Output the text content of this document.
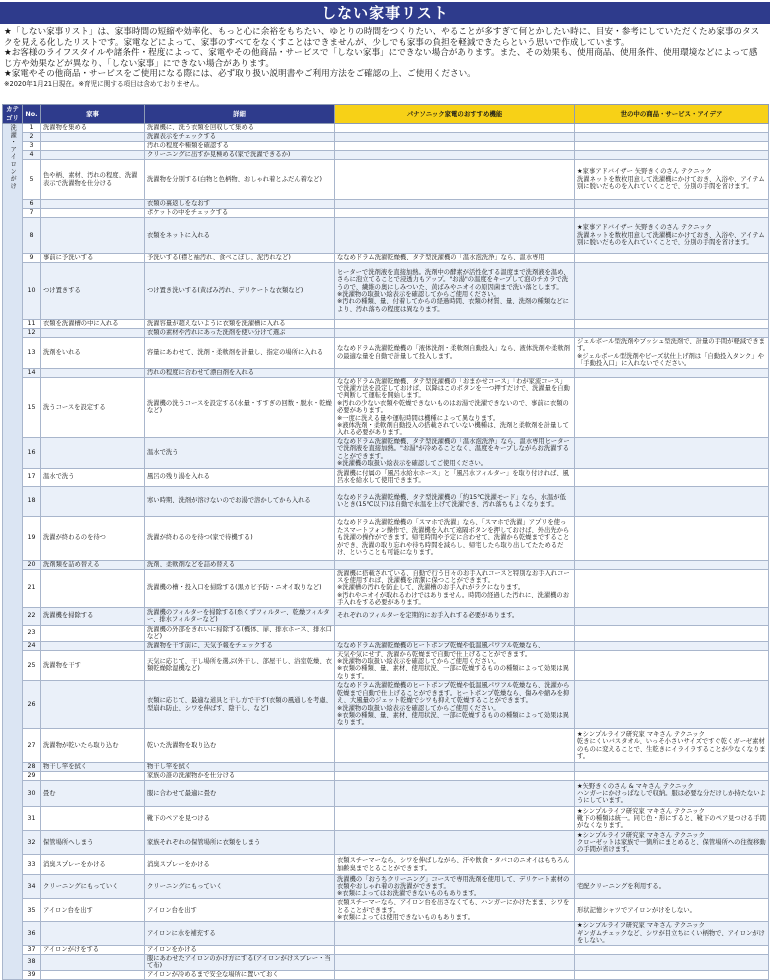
しない家事リスト

★「しない家事リスト」は、家事時間の短縮や効率化、もっと心に余裕をもちたい、ゆとりの時間をつくりたい、やることが多すぎて何とかしたい時に、目安・参考にしていただくため家事のタスクを見える化したリストです。家電などによって、家事のすべてをなくすことはできませんが、少しでも家事の負担を軽減できたらという思いで作成しています。

★お客様のライフスタイルや諸条件・程度によって、家電やその他商品・サービスで「しない家事」にできない場合があります。また、その効果も、使用商品、使用条件、使用環境などによって感じ方や効果などが異なり、「しない家事」にできない場合があります。

★家電やその他商品・サービスをご使用になる際には、必ず取り扱い説明書やご利用方法をご確認の上、ご使用ください。

※2020年1月21日現在。※育児に関する項目は含めておりません。

カテゴリ	No.	家事	詳細	パナソニック家電のおすすめ機能	世の中の商品・サービス・アイデア
洗濯・アイロンがけ	1	洗濯物を集める	洗濯機に、洗う衣類を回収して集める		
	2		洗濯表示をチェックする		
	3		汚れの程度や種類を確認する		
	4		クリーニングに出すか見極める(家で洗濯できるか)		
	5	色や柄、素材、汚れの程度、洗濯表示で洗濯物を仕分ける	洗濯物を分別する(白物と色柄物、おしゃれ着とふだん着など)		★家事アドバイザー 矢野きくのさん テクニック
洗濯ネットを数枚用意して洗濯機にかけておき、入浴や、アイテム別に脱いだものを入れていくことで、分別の手間を省けます。
	6		衣類の裏返しをなおす		
	7		ポケットの中をチェックする		
	8		衣類をネットに入れる		★家事アドバイザー 矢野きくのさん テクニック
洗濯ネットを数枚用意して洗濯機にかけておき、入浴や、アイテム別に脱いだものを入れていくことで、分別の手間を省けます。
	9	事前に予洗いする	予洗いする(襟と袖汚れ、食べこぼし、泥汚れなど)	ななめドラム洗濯乾燥機、タテ型洗濯機の「温水泡洗浄」なら、温水専用	
	10	つけ置きする	つけ置き洗いする(黄ばみ汚れ、デリケートな衣類など)	ヒーターで洗剤液を直接加熱。洗剤中の酵素が活性化する温度まで洗剤液を温め、さらに泡立てることで浸透力もアップ。"お湯"の温度をキープして泡のチカラで洗うので、繊維の奥にしみついた、黄ばみやニオイの原因菌まで洗い落とします。
※洗濯物の取扱い絵表示を確認してからご使用ください。
※汚れの種類、量、付着してからの経過時間、衣類の材質、量、洗剤の種類などにより、汚れ落ちの程度は異なります。	
	11	衣類を洗濯槽の中に入れる	洗濯容量が超えないように衣類を洗濯槽に入れる		
	12		衣類の素材や汚れにあった洗剤を使い分けて選ぶ		
	13	洗剤をいれる	容量にあわせて、洗剤・柔軟剤を計量し、指定の場所に入れる	ななめドラム洗濯乾燥機の「液体洗剤・柔軟剤自動投入」なら、液体洗剤や柔軟剤の最適な量を自動で計量して投入します。	ジェルボール型洗剤やプッシュ型洗剤で、計量の手間が軽減できます。
※ジェルボール型洗剤やビーズ状仕上げ剤は「自動投入タンク」や「手動投入口」に入れないでください。
	14		汚れの程度に合わせて漂白剤を入れる		
	15	洗うコースを設定する	洗濯機の洗うコースを設定する(水量・すすぎの回数・脱水・乾燥など)	ななめドラム洗濯乾燥機、タテ型洗濯機の「おまかせコース」「わが家流コース」で洗濯方法を設定しておけば、以降はこのボタンを一つ押すだけで、洗濯量を自動で判断して運転を開始します。
※汚れの少ない衣類や乾燥できないものはお湯で洗濯できないので、事前に衣類の必要があります。
※一度に洗える量や運転時間は機種によって異なります。
※液体洗剤・柔軟剤自動投入の搭載されていない機種は、洗剤と柔軟剤を計量して入れる必要があります。	
	16		温水で洗う	ななめドラム洗濯乾燥機、タテ型洗濯機の「温水泡洗浄」なら、温水専用ヒーターで洗剤液を直接加熱。"お湯"が冷めることなく、温度をキープしながらお洗濯することができます。
※洗濯機の取扱い絵表示を確認してご使用ください。	
	17	温水で洗う	風呂の残り湯を入れる	洗濯機に付属の「風呂水給水ホース」と「風呂水フィルター」を取り付ければ、風呂水を給水して使用できます。	
	18		寒い時期、洗剤が溶けないのでお湯で溶かしてから入れる	ななめドラム洗濯乾燥機、タテ型洗濯機の「約15℃洗濯モード」なら、水温が低いとき(15℃以下)は自動で水温を上げて洗濯でき、汚れ落ちもよくなります。	
	19	洗濯が終わるのを待つ	洗濯が終わるのを待つ(家で待機する)	ななめドラム洗濯乾燥機の「スマホで洗濯」なら、「スマホで洗濯」アプリを使ったスマートフォン操作で、洗濯機を入れて遠隔ボタンを押しておけば、外出先からも洗濯の操作ができます。帰宅時間や予定に合わせて、洗濯から乾燥まですることができ、洗濯の取り忘れや待ち時間を減らし、帰宅したら取り出してたためるだけ、ということも可能になります。	
	20	洗剤類を詰め替える	洗剤、柔軟剤などを詰め替える		
	21		洗濯機の槽・投入口を掃除する(黒カビ予防・ニオイ取りなど)	洗濯機に搭載されている、自動で行う日々のお手入れコースと特別なお手入れコースを使用すれば、洗濯機を清潔に保つことができます。
※洗濯槽の汚れを防止して、洗濯槽のお手入れがラクになります。
※汚れやニオイが取れるわけではありません。時間の経過した汚れに、洗濯機のお手入れをする必要があります。	
	22	洗濯機を掃除する	洗濯機のフィルターを掃除する(糸くずフィルター、乾燥フィルター、排水フィルターなど)	それぞれのフィルターを定期的にお手入れする必要があります。	
	23		洗濯機の外部をきれいに掃除する(機体、扉、排水ホース、排水口など)		
	24		洗濯物を干す前に、天気予報をチェックする	ななめドラム洗濯乾燥機のヒートポンプ乾燥や低温風パワフル乾燥なら、	
	25	洗濯物を干す	天気に応じて、干し場所を選ぶ(外干し、部屋干し、浴室乾燥、衣類乾燥除湿機など)	天気や気にせず、洗濯から乾燥まで自動で仕上げることができます。
※洗濯物の取扱い絵表示を確認してからご使用ください。
※衣類の種類、量、素材、使用状況、一部に乾燥するものの種類によって効果は異なります。	
	26		衣類に応じて、最適な道具と干し方で干す(衣類の風通しを考慮、型崩れ防止、シワを伸ばす、陰干し、など)	ななめドラム洗濯乾燥機のヒートポンプ乾燥や低温風パワフル乾燥なら、洗濯から乾燥まで自動で仕上げることができます。ヒートポンプ乾燥なら、傷みや縮みを抑え、大風量のジェット乾燥でシワも抑えて乾燥することができます。
※洗濯物の取扱い絵表示を確認してからご使用ください。
※衣類の種類、量、素材、使用状況、一部に乾燥するものの種類によって効果は異なります。	
	27	洗濯物が乾いたら取り込む	乾いた洗濯物を取り込む		★シンプルライフ研究家 マキさん テクニック
乾きにくいバスタオル、いっそ小さいサイズですぐ乾くガーゼ素材のものに変えることで、生乾きにイライラすることが少なくなります。
	28	物干し竿を拭く	物干し竿を拭く		
	29		家族の誰の洗濯物かを仕分ける		
	30	畳む	服に合わせて最適に畳む		★矢野きくのさん & マキさん テクニック
ハンガーにかけっぱなしで収納。服は必要な分だけしか持たないようにしています。
	31		靴下のペアを見つける		★シンプルライフ研究家 マキさん テクニック
靴下の種類は統一。同じ色・形にすると、靴下のペア見つける手間がなくなります。
	32	保管場所へしまう	家族それぞれの保管場所に衣類をしまう		★シンプルライフ研究家 マキさん テクニック
クローゼットは家族で一箇所にまとめると、保管場所への往復移動の手間が省けます。
	33	消臭スプレーをかける	消臭スプレーをかける	衣類スチーマーなら、シワを伸ばしながら、汗や飲食・タバコのニオイはもちろん加齢臭までとることができます。	
	34	クリーニングにもっていく	クリーニングにもっていく	洗濯機の「おうちクリーニング」コースで専用洗剤を使用して、デリケート素材の衣類やおしゃれ着のお洗濯ができます。
※衣類によってはお洗濯できないものもあります。	宅配クリーニングを利用する。
	35	アイロン台を出す	アイロン台を出す	衣類スチーマーなら、アイロン台を出さなくても、ハンガーにかけたまま、シワをとることができます。
※衣類によっては使用できないものもあります。	形状記憶シャツでアイロンがけをしない。
	36		アイロンに水を補充する		★シンプルライフ研究家 マキさん テクニック
ギンガムチェックなど、シワが目立ちにくい柄物で、アイロンがけをしない。
	37	アイロンがけをする	アイロンをかける		
	38		服にあわせたアイロンのかけ方にする(アイロンがけスプレー・当て布)		
	39		アイロンが冷めるまで安全な場所に置いておく		
